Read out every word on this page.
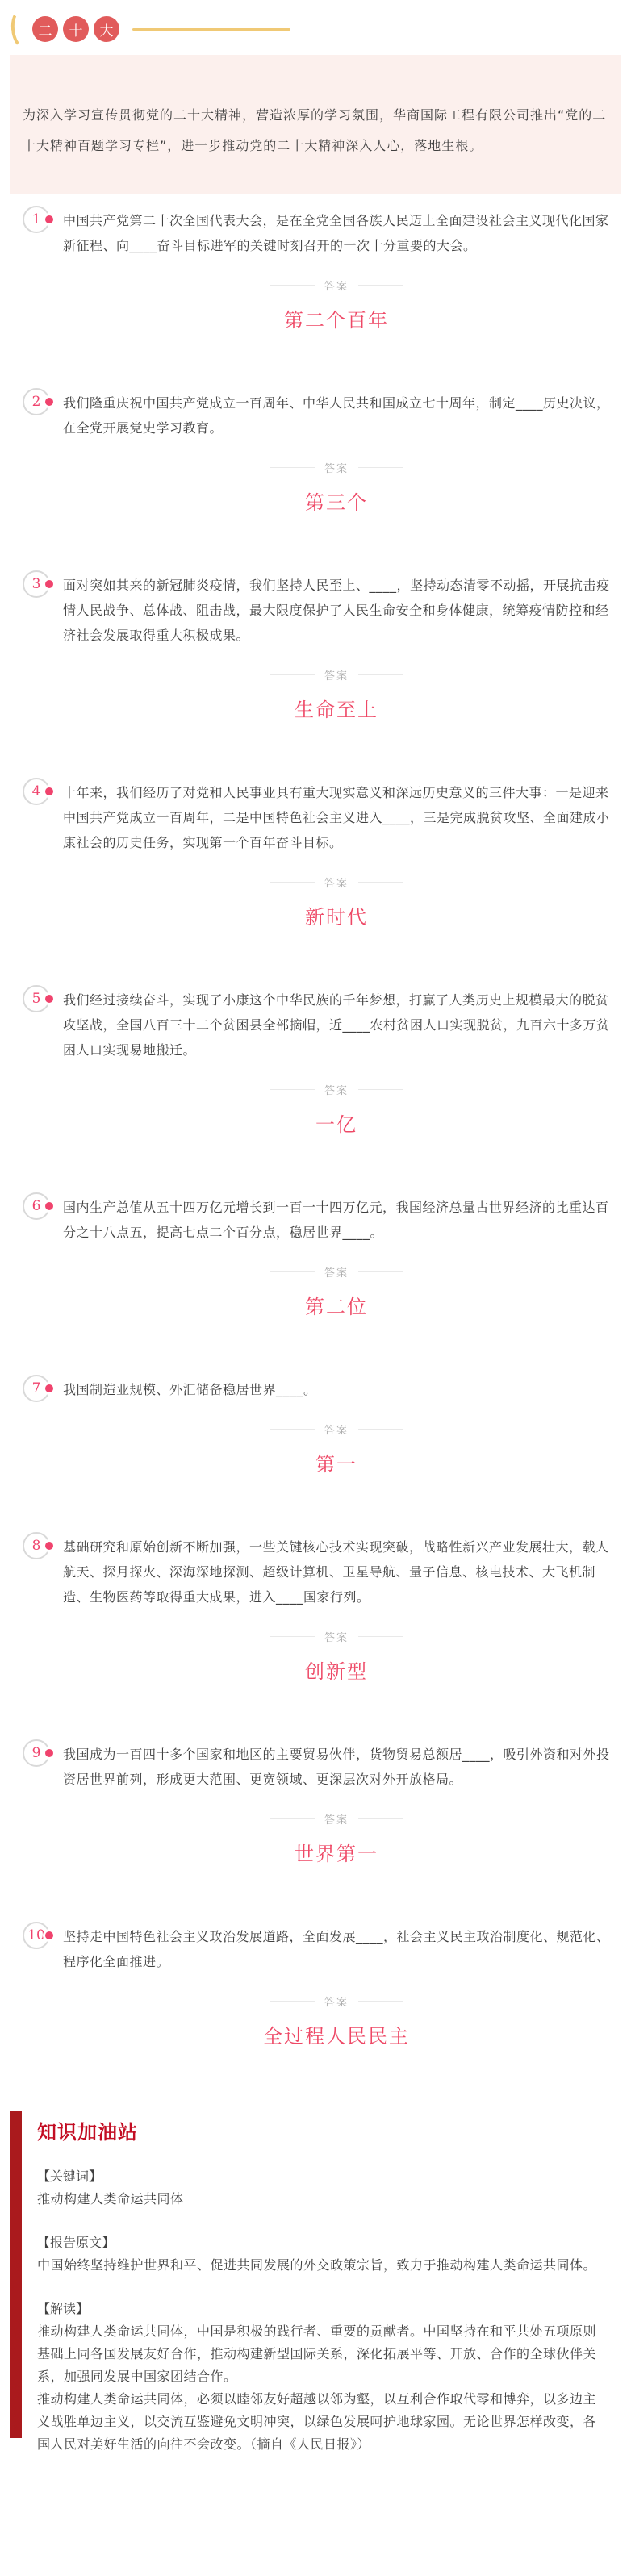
二	十	大

为深入学习宣传贯彻党的二十大精神，营造浓厚的学习氛围，华商国际工程有限公司推出“党的二十大精神百题学习专栏”，进一步推动党的二十大精神深入人心，落地生根。

1	中国共产党第二十次全国代表大会，是在全党全国各族人民迈上全面建设社会主义现代化国家新征程、向____奋斗目标进军的关键时刻召开的一次十分重要的大会。

答案

第二个百年

2	我们隆重庆祝中国共产党成立一百周年、中华人民共和国成立七十周年，制定____历史决议，在全党开展党史学习教育。

答案

第三个

3	面对突如其来的新冠肺炎疫情，我们坚持人民至上、____，坚持动态清零不动摇，开展抗击疫情人民战争、总体战、阻击战，最大限度保护了人民生命安全和身体健康，统筹疫情防控和经济社会发展取得重大积极成果。

答案

生命至上

4	十年来，我们经历了对党和人民事业具有重大现实意义和深远历史意义的三件大事：一是迎来中国共产党成立一百周年，二是中国特色社会主义进入____，三是完成脱贫攻坚、全面建成小康社会的历史任务，实现第一个百年奋斗目标。

答案

新时代

5	我们经过接续奋斗，实现了小康这个中华民族的千年梦想，打赢了人类历史上规模最大的脱贫攻坚战，全国八百三十二个贫困县全部摘帽，近____农村贫困人口实现脱贫，九百六十多万贫困人口实现易地搬迁。

答案

一亿

6	国内生产总值从五十四万亿元增长到一百一十四万亿元，我国经济总量占世界经济的比重达百分之十八点五，提高七点二个百分点，稳居世界____。

答案

第二位

7	我国制造业规模、外汇储备稳居世界____。

答案

第一

8	基础研究和原始创新不断加强，一些关键核心技术实现突破，战略性新兴产业发展壮大，载人航天、探月探火、深海深地探测、超级计算机、卫星导航、量子信息、核电技术、大飞机制造、生物医药等取得重大成果，进入____国家行列。

答案

创新型

9	我国成为一百四十多个国家和地区的主要贸易伙伴，货物贸易总额居____，吸引外资和对外投资居世界前列，形成更大范围、更宽领域、更深层次对外开放格局。

答案

世界第一

10 坚持走中国特色社会主义政治发展道路，全面发展____，社会主义民主政治制度化、规范化、程序化全面推进。

答案

全过程人民民主

知识加油站

【关键词】

推动构建人类命运共同体

【报告原文】

中国始终坚持维护世界和平、促进共同发展的外交政策宗旨，致力于推动构建人类命运共同体。

【解读】

推动构建人类命运共同体，中国是积极的践行者、重要的贡献者。中国坚持在和平共处五项原则基础上同各国发展友好合作，推动构建新型国际关系，深化拓展平等、开放、合作的全球伙伴关系，加强同发展中国家团结合作。

推动构建人类命运共同体，必须以睦邻友好超越以邻为壑，以互利合作取代零和博弈，以多边主义战胜单边主义，以交流互鉴避免文明冲突，以绿色发展呵护地球家园。无论世界怎样改变，各国人民对美好生活的向往不会改变。（摘自《人民日报》）
